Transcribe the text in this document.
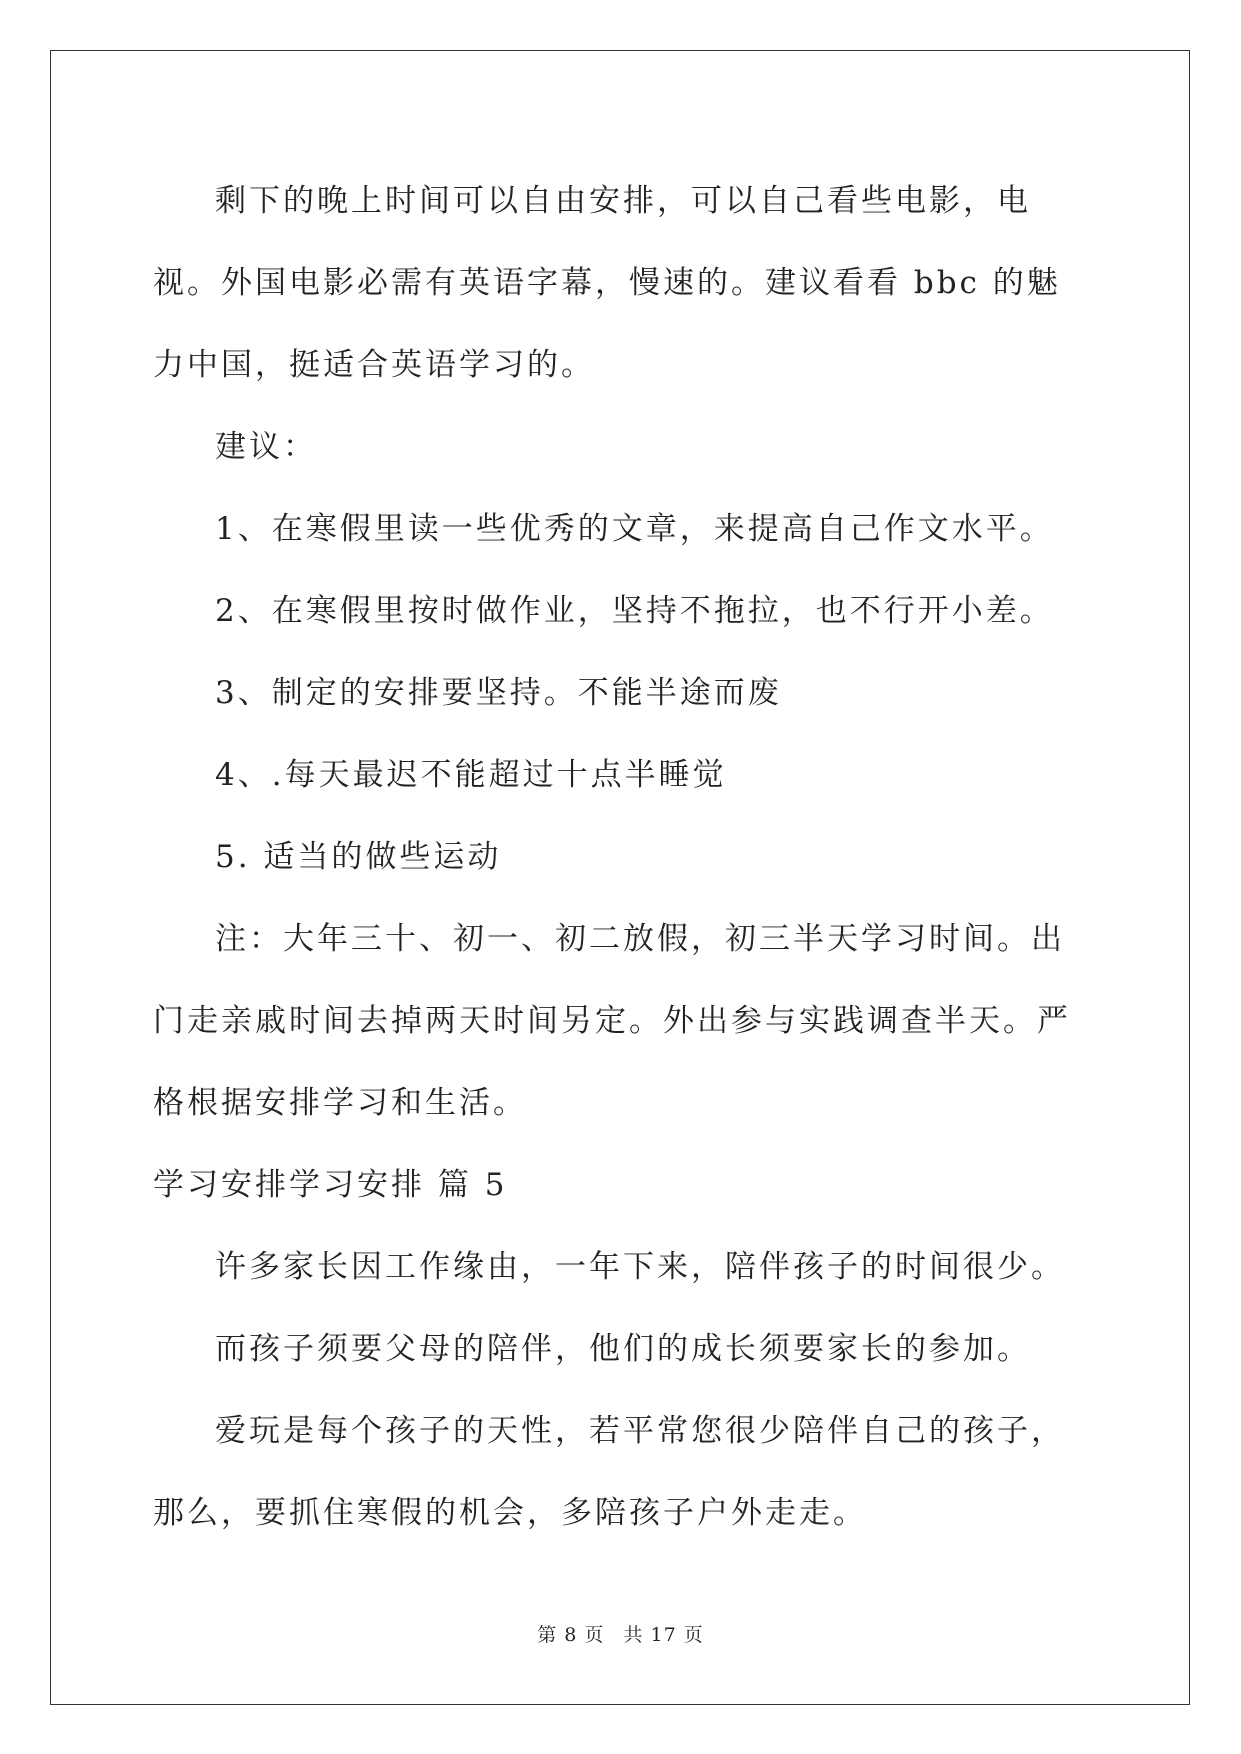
剩下的晚上时间可以自由安排，可以自己看些电影，电视。外国电影必需有英语字幕，慢速的。建议看看 bbc 的魅力中国，挺适合英语学习的。

建议：

1、在寒假里读一些优秀的文章，来提高自己作文水平。

2、在寒假里按时做作业，坚持不拖拉，也不行开小差。

3、制定的安排要坚持。不能半途而废

4、.每天最迟不能超过十点半睡觉

5. 适当的做些运动

注：大年三十、初一、初二放假，初三半天学习时间。出门走亲戚时间去掉两天时间另定。外出参与实践调查半天。严格根据安排学习和生活。

学习安排学习安排 篇 5

许多家长因工作缘由，一年下来，陪伴孩子的时间很少。

而孩子须要父母的陪伴，他们的成长须要家长的参加。

爱玩是每个孩子的天性，若平常您很少陪伴自己的孩子，那么，要抓住寒假的机会，多陪孩子户外走走。

第 8 页 共 17 页
